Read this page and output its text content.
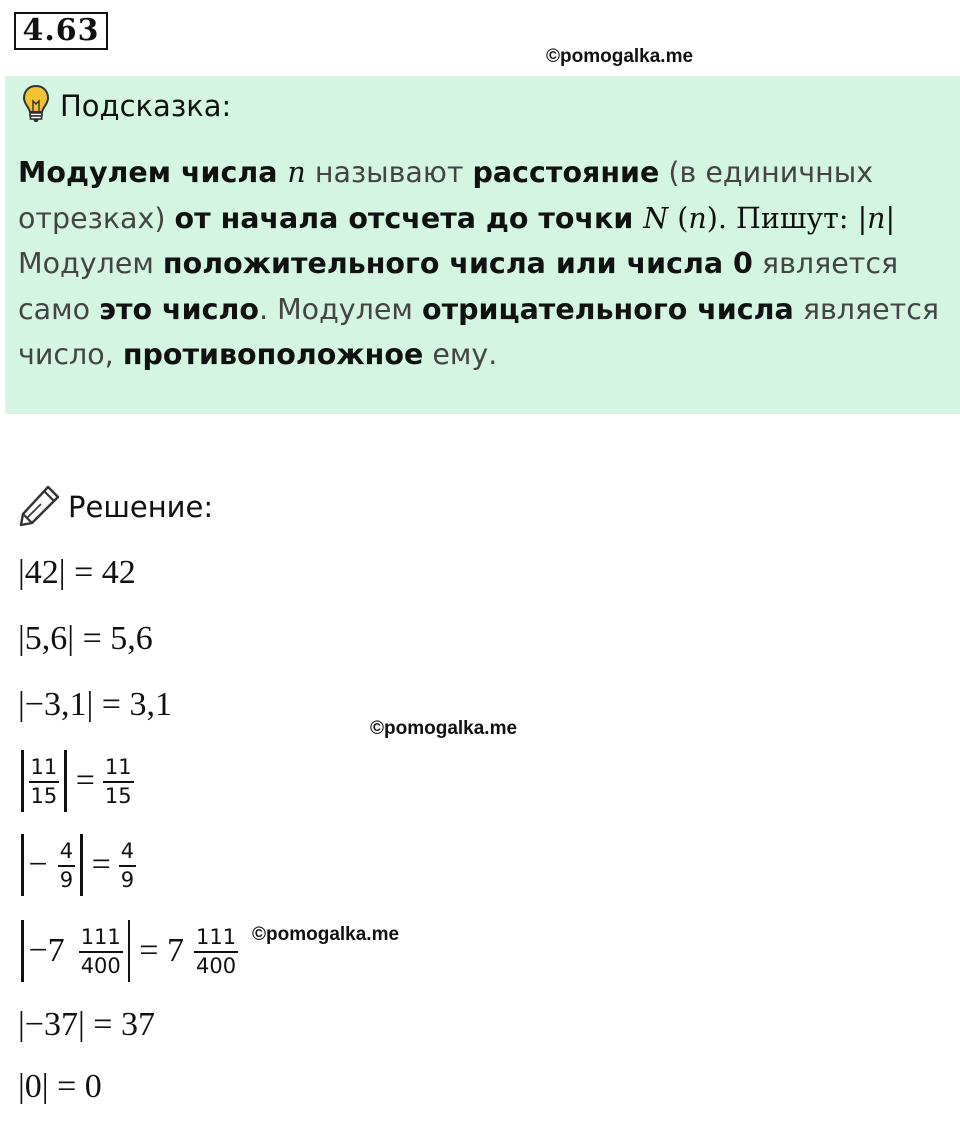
4.63
©pomogalka.me
Подсказка:
Модулем числа n называют расстояние (в единичных отрезках) от начала отсчета до точки N (n). Пишут: |n|
Модулем положительного числа или числа 0 является само это число. Модулем отрицательного числа является число, противоположное ему.
Решение:
|42| = 42
|5,6| = 5,6
|−3,1| = 3,1
©pomogalka.me
$\frac{11}{15} = \frac{11}{15}$
− $\frac{4}{9} = \frac{4}{9}$
$-7 \frac{111}{400} = 7 \frac{111}{400}$ ©pomogalka.me
|−37| = 37
|0| = 0
